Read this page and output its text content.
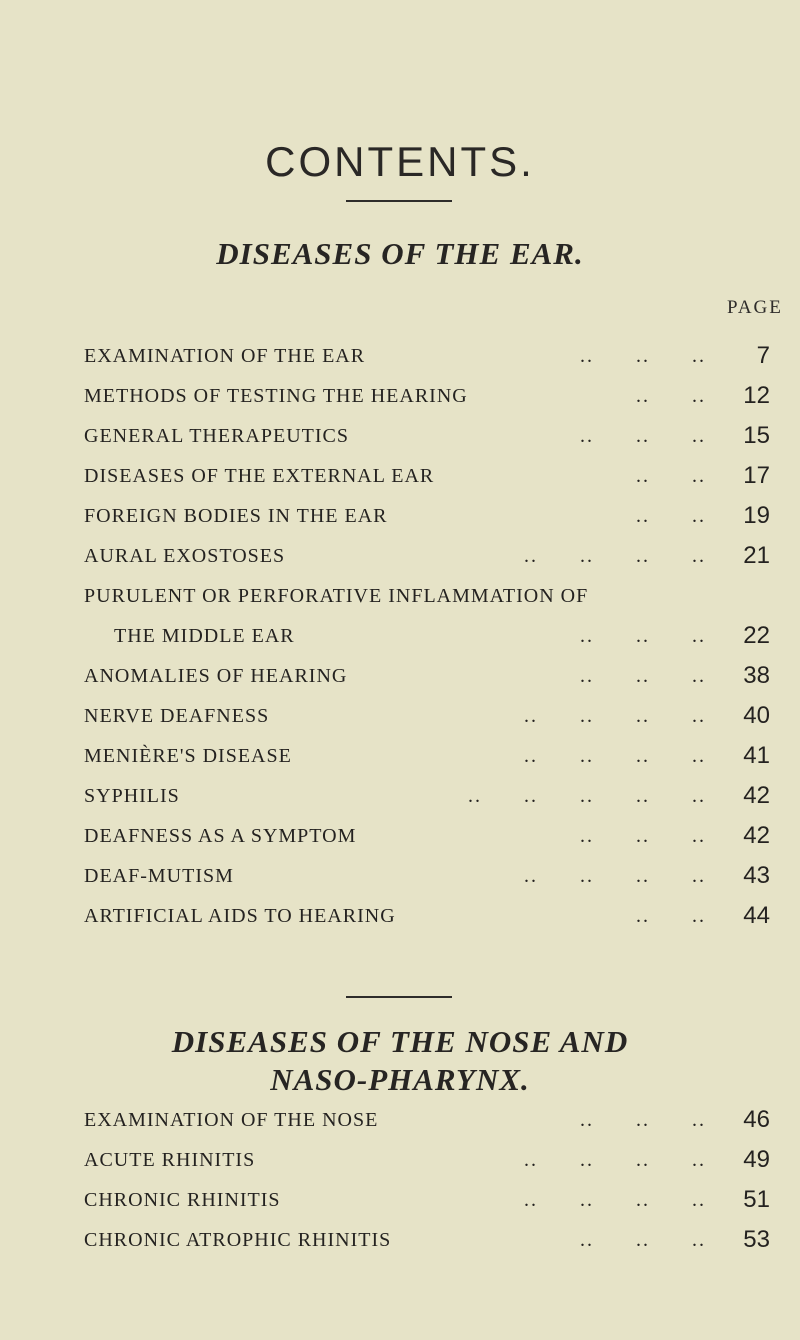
CONTENTS.
DISEASES OF THE EAR.
PAGE
EXAMINATION OF THE EAR	..      ..      ..	7
METHODS OF TESTING THE HEARING	..      ..	12
GENERAL THERAPEUTICS	..      ..      ..	15
DISEASES OF THE EXTERNAL EAR	..      ..	17
FOREIGN BODIES IN THE EAR	..      ..	19
AURAL EXOSTOSES	..      ..      ..      ..	21
PURULENT OR PERFORATIVE INFLAMMATION OF
THE MIDDLE EAR	..      ..      ..	22
ANOMALIES OF HEARING	..      ..      ..	38
NERVE DEAFNESS	..      ..      ..      ..	40
MENIÈRE'S DISEASE	..      ..      ..      ..	41
SYPHILIS	..      ..      ..      ..      ..	42
DEAFNESS AS A SYMPTOM	..      ..      ..	42
DEAF-MUTISM	..      ..      ..      ..	43
ARTIFICIAL AIDS TO HEARING	..      ..	44
DISEASES OF THE NOSE AND
NASO-PHARYNX.
EXAMINATION OF THE NOSE	..      ..      ..	46
ACUTE RHINITIS	..      ..      ..      ..	49
CHRONIC RHINITIS	..      ..      ..      ..	51
CHRONIC ATROPHIC RHINITIS	..      ..      ..	53
